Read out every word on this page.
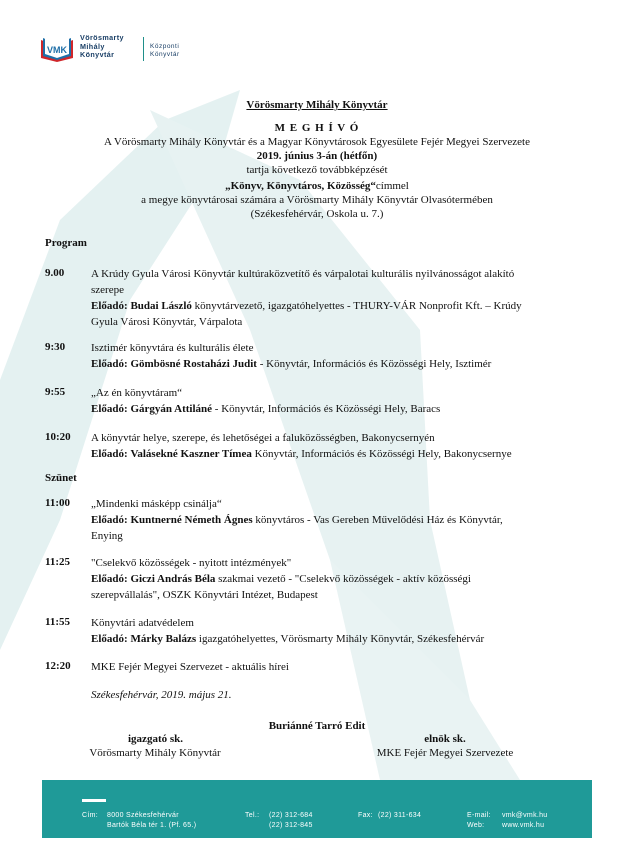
VMK
Vörösmarty
Mihály
Könyvtár
Központi
Könyvtár
Vörösmarty Mihály Könyvtár
M E G H Í V Ó
A Vörösmarty Mihály Könyvtár és a Magyar Könyvtárosok Egyesülete Fejér Megyei Szervezete
2019. június 3-án (hétfőn)
tartja következő továbbképzését
„Könyv, Könyvtáros, Közösség“címmel
a megye könyvtárosai számára a Vörösmarty Mihály Könyvtár Olvasótermében
(Székesfehérvár, Oskola u. 7.)
Program
9.00 A Krúdy Gyula Városi Könyvtár kultúraközvetítő és várpalotai kulturális nyilvánosságot alakító
szerepe
Előadó: Budai László könyvtárvezető, igazgatóhelyettes - THURY-VÁR Nonprofit Kft. – Krúdy
Gyula Városi Könyvtár, Várpalota
9:30 Isztimér könyvtára és kulturális élete
Előadó: Gömbösné Rostaházi Judit - Könyvtár, Információs és Közösségi Hely, Isztimér
9:55 „Az én könyvtáram“
Előadó: Gárgyán Attiláné - Könyvtár, Információs és Közösségi Hely, Baracs
10:20 A könyvtár helye, szerepe, és lehetőségei a faluközösségben, Bakonycsernyén
Előadó: Valásekné Kaszner Tímea Könyvtár, Információs és Közösségi Hely, Bakonycsernye
Szünet
11:00 „Mindenki másképp csinálja“
Előadó: Kuntnerné Németh Ágnes könyvtáros - Vas Gereben Művelődési Ház és Könyvtár,
Enying
11:25 "Cselekvő közösségek - nyitott intézmények"
Előadó: Giczi András Béla szakmai vezető - "Cselekvő közösségek - aktív közösségi
szerepvállalás", OSZK Könyvtári Intézet, Budapest
11:55 Könyvtári adatvédelem
Előadó: Márky Balázs igazgatóhelyettes, Vörösmarty Mihály Könyvtár, Székesfehérvár
12:20 MKE Fejér Megyei Szervezet - aktuális hírei
Székesfehérvár, 2019. május 21.
Buriánné Tarró Edit
igazgató sk.
Vörösmarty Mihály Könyvtár
elnök sk.
MKE Fejér Megyei Szervezete
Cím: 8000 Székesfehérvár
Bartók Béla tér 1. (Pf. 65.)
Tel.: (22) 312-684
(22) 312-845
Fax: (22) 311-634	E-mail: vmk@vmk.hu
Web:	www.vmk.hu
